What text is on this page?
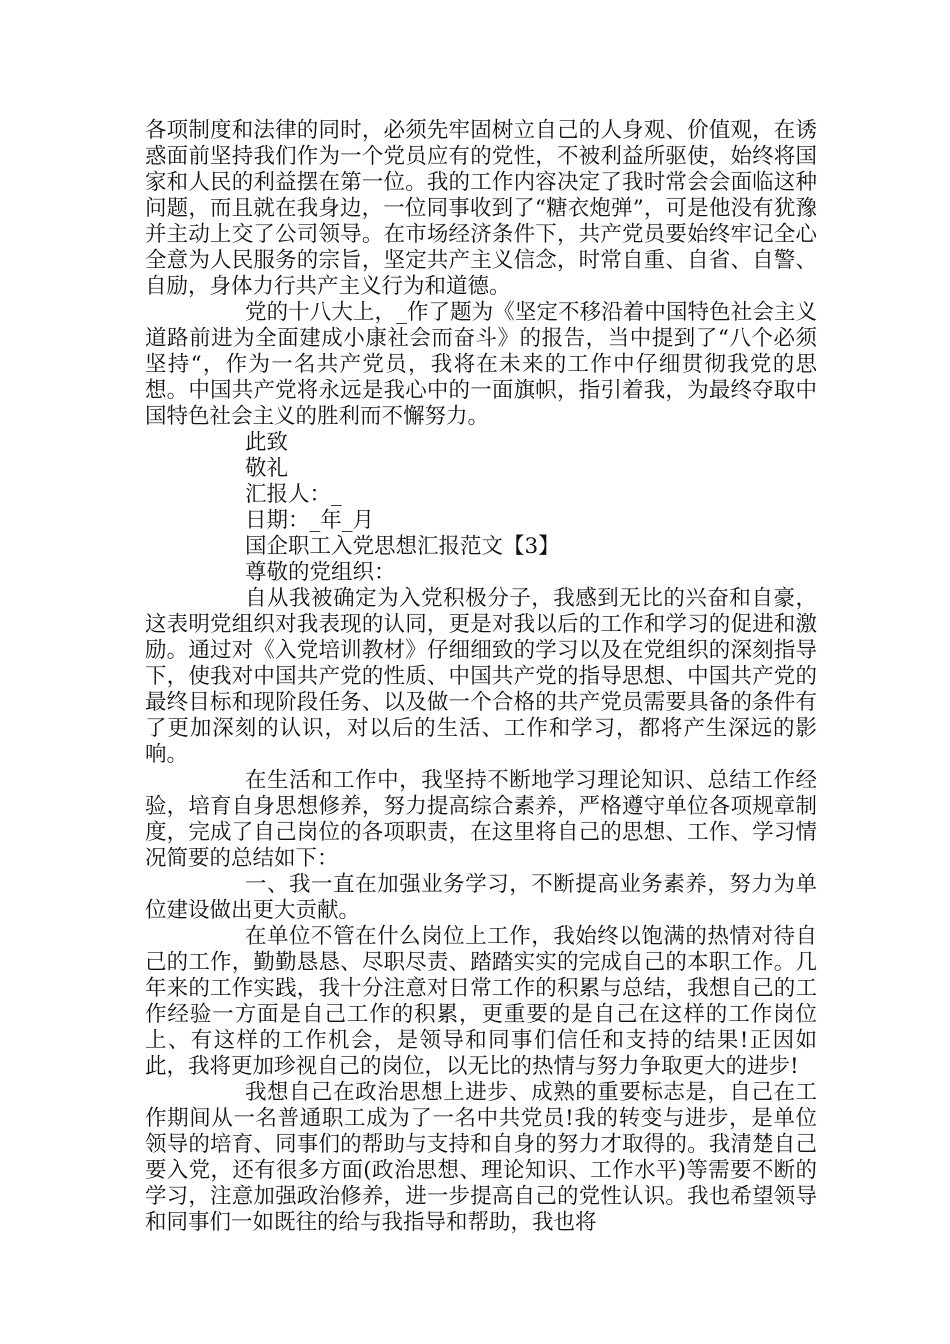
各项制度和法律的同时，必须先牢固树立自己的人身观、价值观，在诱惑面前坚持我们作为一个党员应有的党性，不被利益所驱使，始终将国家和人民的利益摆在第一位。我的工作内容决定了我时常会会面临这种问题，而且就在我身边，一位同事收到了“糖衣炮弹”，可是他没有犹豫并主动上交了公司领导。在市场经济条件下，共产党员要始终牢记全心全意为人民服务的宗旨，坚定共产主义信念，时常自重、自省、自警、自励，身体力行共产主义行为和道德。

党的十八大上，_作了题为《坚定不移沿着中国特色社会主义道路前进为全面建成小康社会而奋斗》的报告，当中提到了“八个必须坚持“，作为一名共产党员，我将在未来的工作中仔细贯彻我党的思想。中国共产党将永远是我心中的一面旗帜，指引着我，为最终夺取中国特色社会主义的胜利而不懈努力。

此致

敬礼

汇报人：_

日期：_年_月

国企职工入党思想汇报范文【3】

尊敬的党组织：

自从我被确定为入党积极分子，我感到无比的兴奋和自豪，这表明党组织对我表现的认同，更是对我以后的工作和学习的促进和激励。通过对《入党培训教材》仔细细致的学习以及在党组织的深刻指导下，使我对中国共产党的性质、中国共产党的指导思想、中国共产党的最终目标和现阶段任务、以及做一个合格的共产党员需要具备的条件有了更加深刻的认识，对以后的生活、工作和学习，都将产生深远的影响。

在生活和工作中，我坚持不断地学习理论知识、总结工作经验，培育自身思想修养，努力提高综合素养，严格遵守单位各项规章制度，完成了自己岗位的各项职责，在这里将自己的思想、工作、学习情况简要的总结如下：

一、我一直在加强业务学习，不断提高业务素养，努力为单位建设做出更大贡献。

在单位不管在什么岗位上工作，我始终以饱满的热情对待自己的工作，勤勤恳恳、尽职尽责、踏踏实实的完成自己的本职工作。几年来的工作实践，我十分注意对日常工作的积累与总结，我想自己的工作经验一方面是自己工作的积累，更重要的是自己在这样的工作岗位上、有这样的工作机会，是领导和同事们信任和支持的结果!正因如此，我将更加珍视自己的岗位，以无比的热情与努力争取更大的进步!

我想自己在政治思想上进步、成熟的重要标志是，自己在工作期间从一名普通职工成为了一名中共党员!我的转变与进步，是单位领导的培育、同事们的帮助与支持和自身的努力才取得的。我清楚自己要入党，还有很多方面(政治思想、理论知识、工作水平)等需要不断的学习，注意加强政治修养，进一步提高自己的党性认识。我也希望领导和同事们一如既往的给与我指导和帮助，我也将
